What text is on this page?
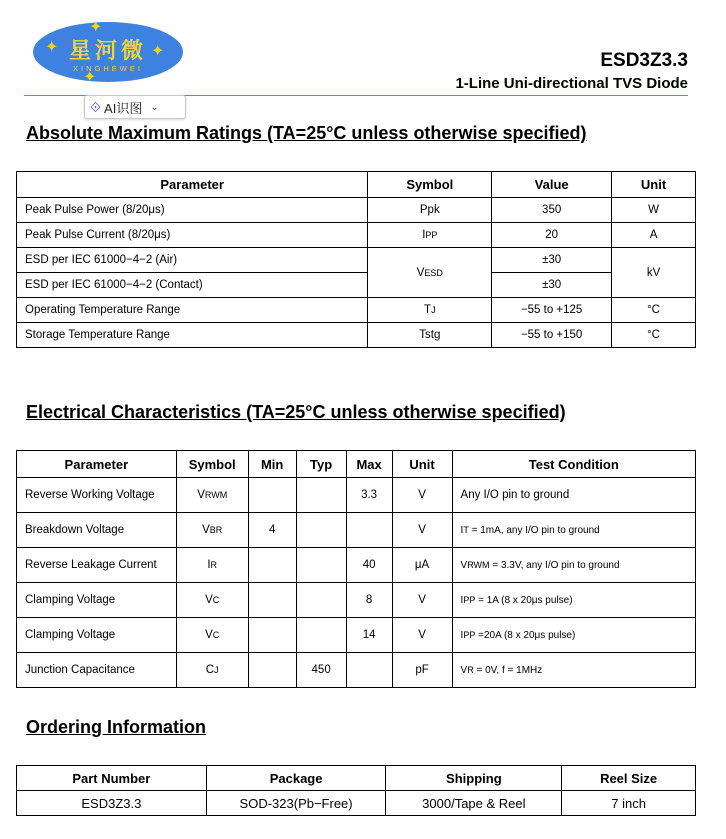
星河微
XINGHEWEI
✦
✦
✦
✦
ESD3Z3.3
1-Line Uni-directional TVS Diode
⟐ AI识图 ⌄
Absolute Maximum Ratings (TA=25°C unless otherwise specified)
Parameter	Symbol	Value	Unit
Peak Pulse Power (8/20μs)	Ppk	350	W
Peak Pulse Current (8/20μs)	IPP	20	A
ESD per IEC 61000−4−2 (Air)	VESD	±30	kV
ESD per IEC 61000−4−2 (Contact)		±30	
Operating Temperature Range	TJ	−55 to +125	°C
Storage Temperature Range	Tstg	−55 to +150	°C
Electrical Characteristics (TA=25°C unless otherwise specified)
Parameter	Symbol	Min	Typ	Max	Unit	Test Condition
Reverse Working Voltage	VRWM			3.3	V	Any I/O pin to ground
Breakdown Voltage	VBR	4			V	IT = 1mA, any I/O pin to ground
Reverse Leakage Current	IR			40	μA	VRWM = 3.3V, any I/O pin to ground
Clamping Voltage	VC			8	V	IPP = 1A (8 x 20μs pulse)
Clamping Voltage	VC			14	V	IPP =20A (8 x 20μs pulse)
Junction Capacitance	CJ		450		pF	VR = 0V, f = 1MHz
Ordering Information
Part Number	Package	Shipping	Reel Size
ESD3Z3.3	SOD-323(Pb−Free)	3000/Tape & Reel	7 inch
